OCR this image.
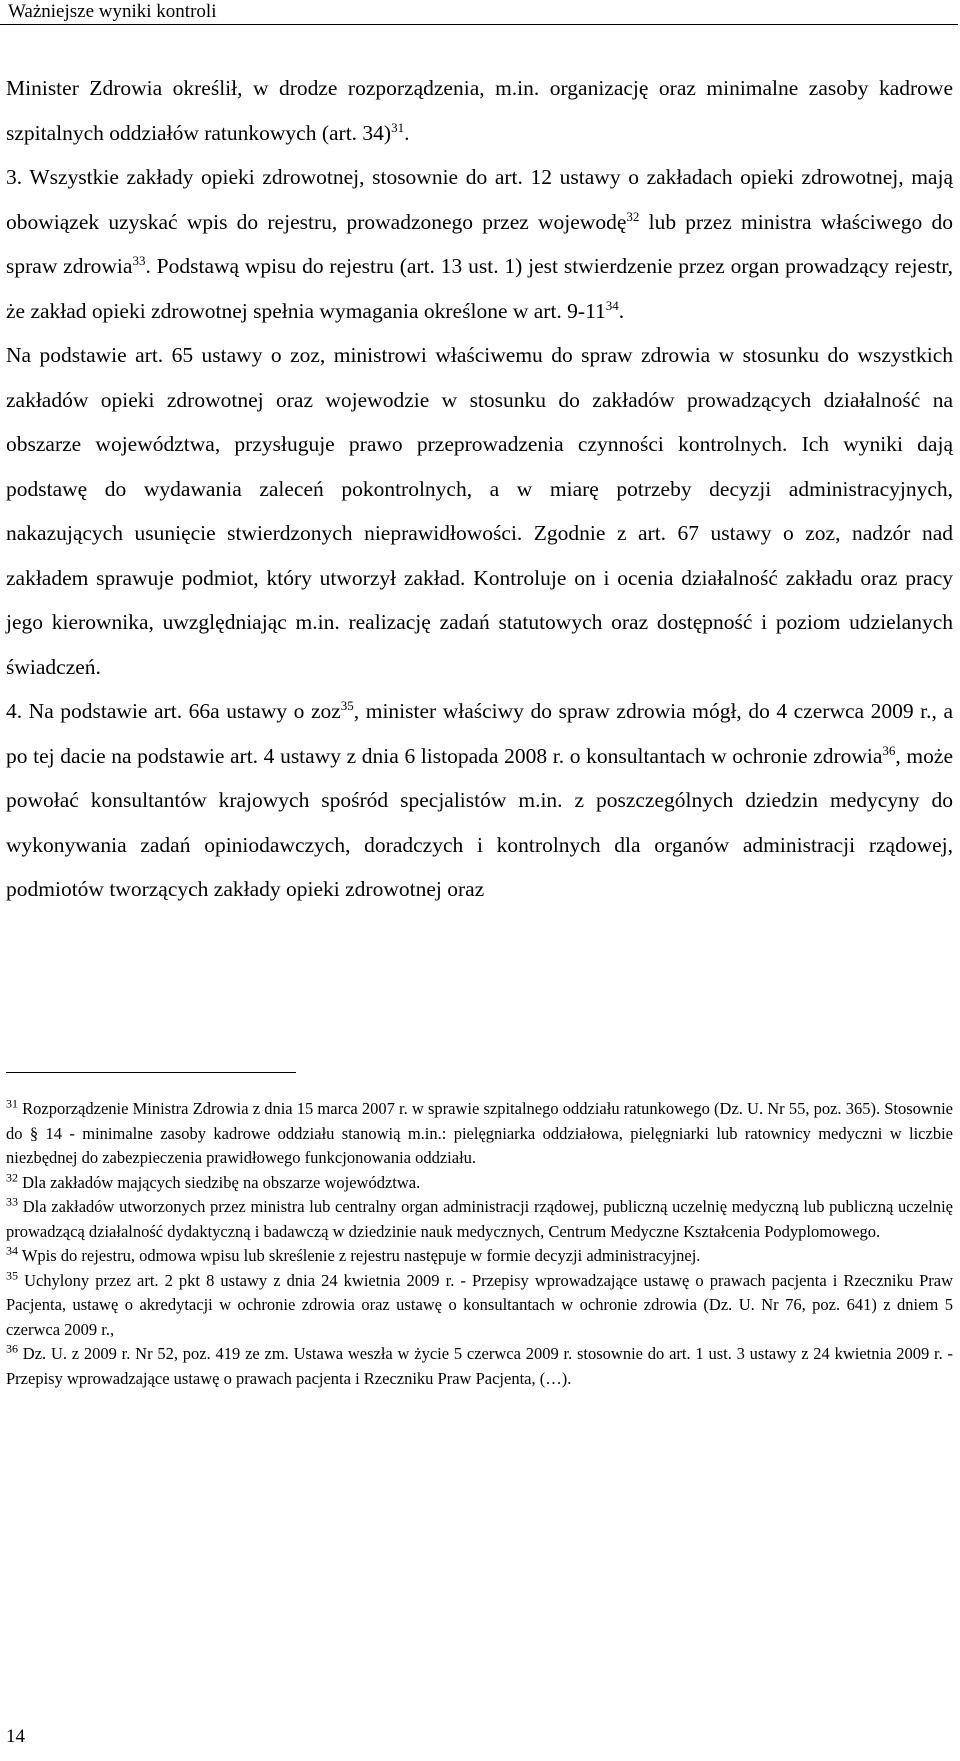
Ważniejsze wyniki kontroli

Minister Zdrowia określił, w drodze rozporządzenia, m.in. organizację oraz minimalne zasoby kadrowe szpitalnych oddziałów ratunkowych (art. 34)$^{31}$.

3. Wszystkie zakłady opieki zdrowotnej, stosownie do art. 12 ustawy o zakładach opieki zdrowotnej, mają obowiązek uzyskać wpis do rejestru, prowadzonego przez wojewodę$^{32}$ lub przez ministra właściwego do spraw zdrowia$^{33}$. Podstawą wpisu do rejestru (art. 13 ust. 1) jest stwierdzenie przez organ prowadzący rejestr, że zakład opieki zdrowotnej spełnia wymagania określone w art. $9-11^{34}$.

Na podstawie art. 65 ustawy o zoz, ministrowi właściwemu do spraw zdrowia w stosunku do wszystkich zakładów opieki zdrowotnej oraz wojewodzie w stosunku do zakładów prowadzących działalność na obszarze województwa, przysługuje prawo przeprowadzenia czynności kontrolnych. Ich wyniki dają podstawę do wydawania zaleceń pokontrolnych, a w miarę potrzeby decyzji administracyjnych, nakazujących usunięcie stwierdzonych nieprawidłowości. Zgodnie z art. 67 ustawy o zoz, nadzór nad zakładem sprawuje podmiot, który utworzył zakład. Kontroluje on i ocenia działalność zakładu oraz pracy jego kierownika, uwzględniając m.in. realizację zadań statutowych oraz dostępność i poziom udzielanych świadczeń.

4. Na podstawie art. 66a ustawy o zoz$^{35}$, minister właściwy do spraw zdrowia mógł, do 4 czerwca 2009 r., a po tej dacie na podstawie art. 4 ustawy z dnia 6 listopada 2008 r. o konsultantach w ochronie zdrowia$^{36}$, może powołać konsultantów krajowych spośród specjalistów m.in. z poszczególnych dziedzin medycyny do wykonywania zadań opiniodawczych, doradczych i kontrolnych dla organów administracji rządowej, podmiotów tworzących zakłady opieki zdrowotnej oraz

$^{31}$ Rozporządzenie Ministra Zdrowia z dnia 15 marca 2007 r. w sprawie szpitalnego oddziału ratunkowego (Dz. U. Nr 55, poz. 365). Stosownie do § 14 - minimalne zasoby kadrowe oddziału stanowią m.in.: pielęgniarka oddziałowa, pielęgniarki lub ratownicy medyczni w liczbie niezbędnej do zabezpieczenia prawidłowego funkcjonowania oddziału.

$^{32}$ Dla zakładów mających siedzibę na obszarze województwa.

$^{33}$ Dla zakładów utworzonych przez ministra lub centralny organ administracji rządowej, publiczną uczelnię medyczną lub publiczną uczelnię prowadzącą działalność dydaktyczną i badawczą w dziedzinie nauk medycznych, Centrum Medyczne Kształcenia Podyplomowego.

$^{34}$ Wpis do rejestru, odmowa wpisu lub skreślenie z rejestru następuje w formie decyzji administracyjnej.

$^{35}$ Uchylony przez art. 2 pkt 8 ustawy z dnia 24 kwietnia 2009 r. - Przepisy wprowadzające ustawę o prawach pacjenta i Rzeczniku Praw Pacjenta, ustawę o akredytacji w ochronie zdrowia oraz ustawę o konsultantach w ochronie zdrowia (Dz. U. Nr 76, poz. 641) z dniem 5 czerwca 2009 r.,

$^{36}$ Dz. U. z 2009 r. Nr 52, poz. 419 ze zm. Ustawa weszła w życie 5 czerwca 2009 r. stosownie do art. 1 ust. 3 ustawy z 24 kwietnia 2009 r. - Przepisy wprowadzające ustawę o prawach pacjenta i Rzeczniku Praw Pacjenta, (…).

14
